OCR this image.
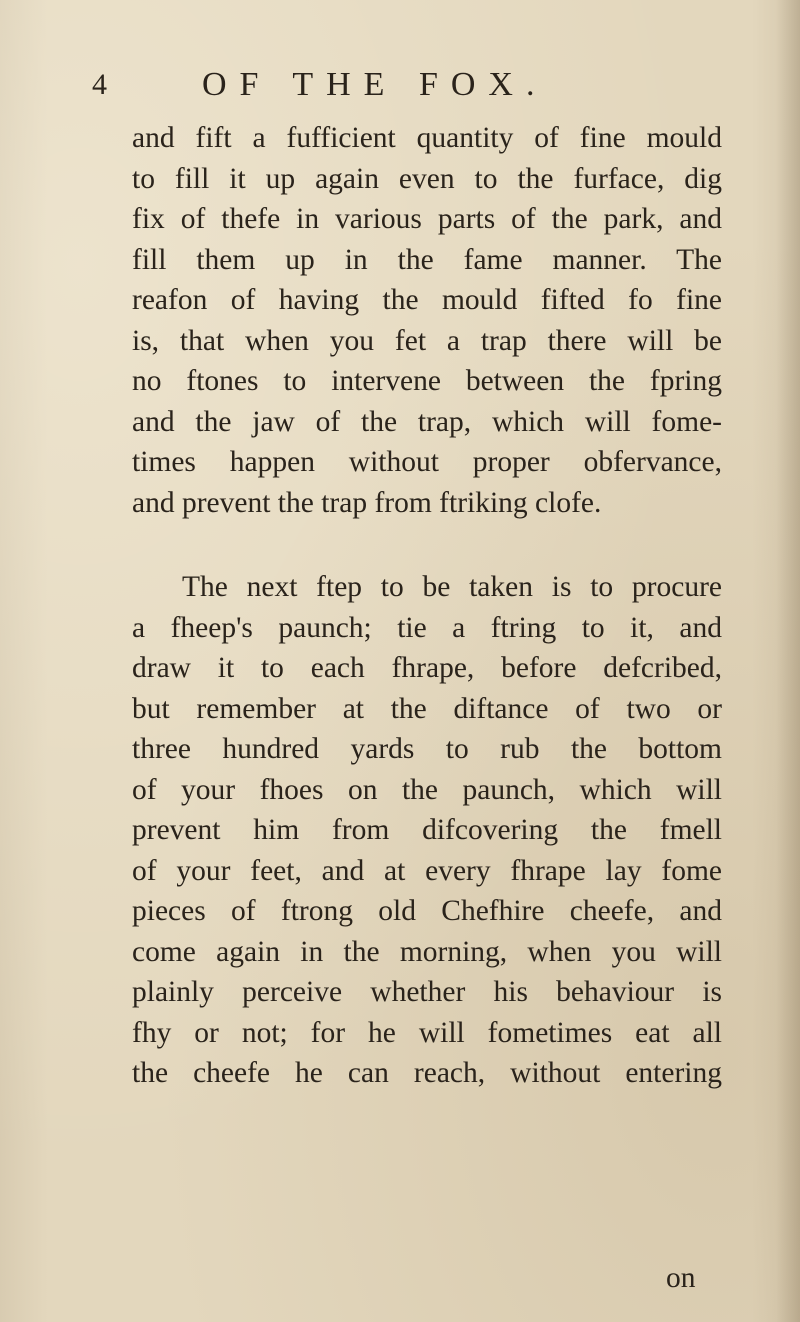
4	OF THE FOX.
and fift a fufficient quantity of fine mould
to fill it up again even to the furface, dig
fix of thefe in various parts of the park, and
fill them up in the fame manner. The
reafon of having the mould fifted fo fine
is, that when you fet a trap there will be
no ftones to intervene between the fpring
and the jaw of the trap, which will fome-
times happen without proper obfervance,
and prevent the trap from ftriking clofe.
The next ftep to be taken is to procure
a fheep's paunch; tie a ftring to it, and
draw it to each fhrape, before defcribed,
but remember at the diftance of two or
three hundred yards to rub the bottom
of your fhoes on the paunch, which will
prevent him from difcovering the fmell
of your feet, and at every fhrape lay fome
pieces of ftrong old Chefhire cheefe, and
come again in the morning, when you will
plainly perceive whether his behaviour is
fhy or not; for he will fometimes eat all
the cheefe he can reach, without entering
on
